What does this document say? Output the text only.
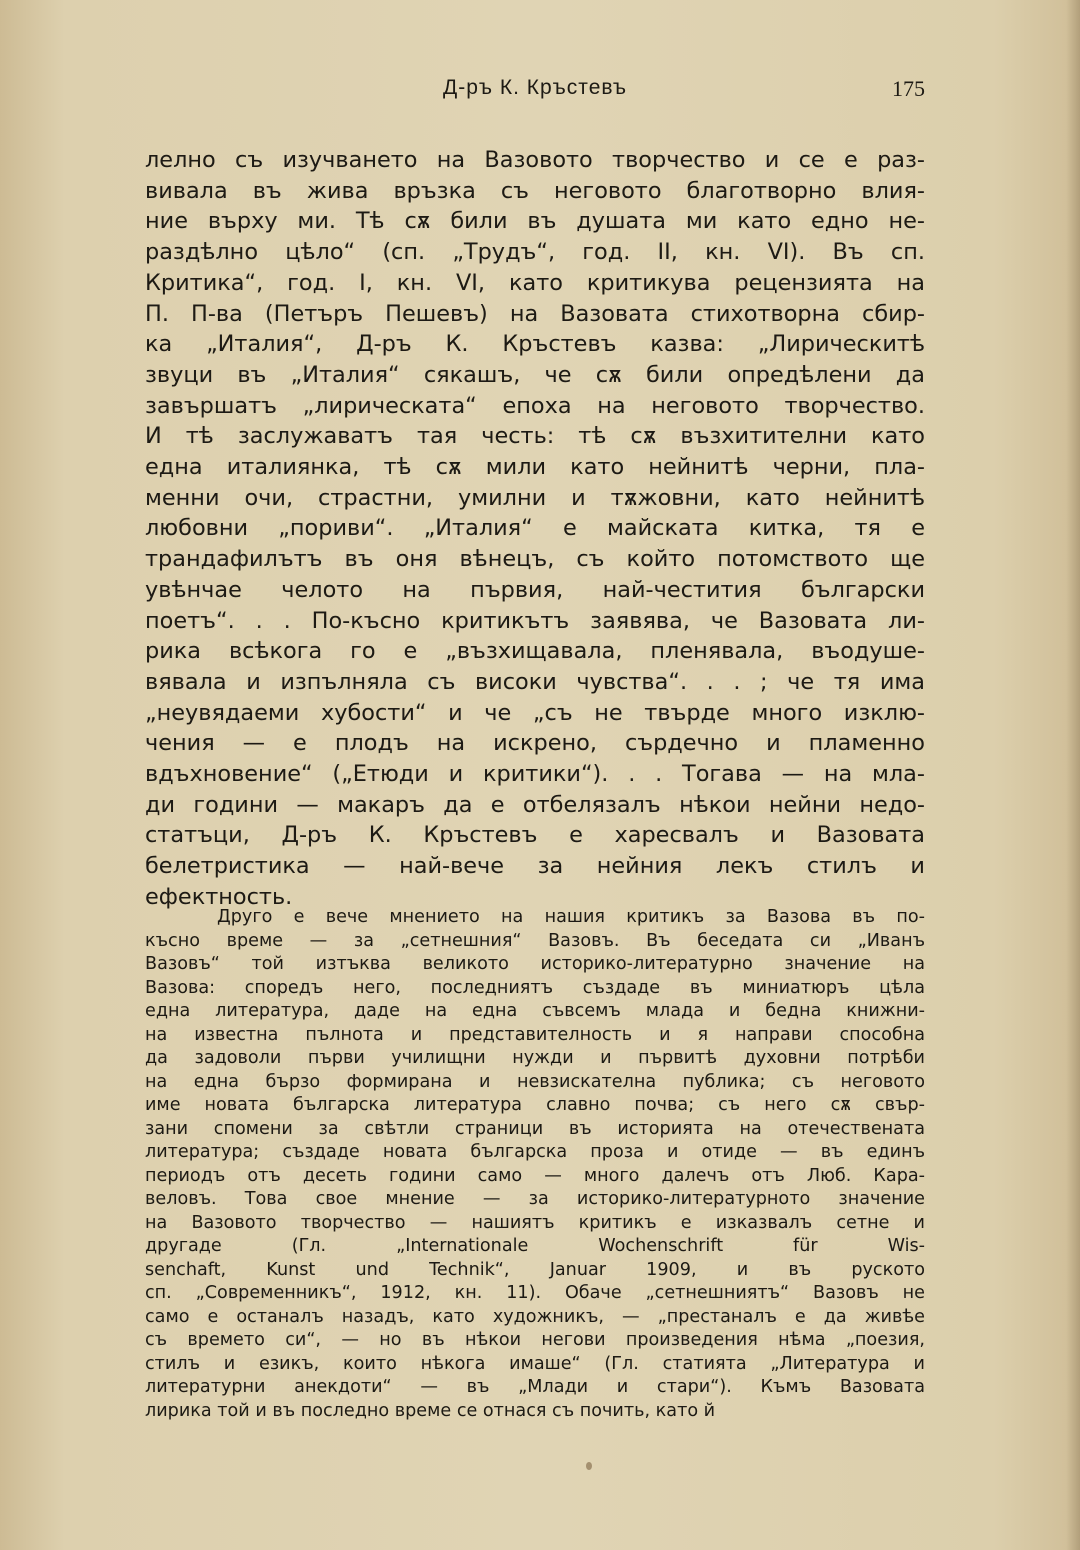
Д-ръ К. Кръстевъ	175
лелно съ изучването на Вазовото творчество и се е раз-
вивала въ жива връзка съ неговото благотворно влия-
ние върху ми. Тѣ сѫ били въ душата ми като едно не-
раздѣлно цѣло“ (сп. „Трудъ“, год. II, кн. VI). Въ сп.
Критика“, год. I, кн. VI, като критикува рецензията на
П. П-ва (Петъръ Пешевъ) на Вазовата стихотворна сбир-
ка „Италия“, Д-ръ К. Кръстевъ казва: „Лирическитѣ
звуци въ „Италия“ сякашъ, че сѫ били опредѣлени да
завършатъ „лирическата“ епоха на неговото творчество.
И тѣ заслужаватъ тая честь: тѣ сѫ възхитителни като
една италиянка, тѣ сѫ мили като нейнитѣ черни, пла-
менни очи, страстни, умилни и тѫжовни, като нейнитѣ
любовни „пориви“. „Италия“ е майската китка, тя е
трандафилътъ въ оня вѣнецъ, съ който потомството ще
увѣнчае челото на първия, най-честития български
поетъ“. . . По-късно критикътъ заявява, че Вазовата ли-
рика всѣкога го е „възхищавала, пленявала, въодуше-
вявала и изпълняла съ високи чувства“. . . ; че тя има
„неувядаеми хубости“ и че „съ не твърде много изклю-
чения — е плодъ на искрено, сърдечно и пламенно
вдъхновение“ („Етюди и критики“). . . Тогава — на мла-
ди години — макаръ да е отбелязалъ нѣкои нейни недо-
статъци, Д-ръ К. Кръстевъ е харесвалъ и Вазовата
белетристика — най-вече за нейния лекъ стилъ и
ефектность.
Друго е вече мнението на нашия критикъ за Вазова въ по-
късно време — за „сетнешния“ Вазовъ. Въ беседата си „Иванъ
Вазовъ“ той изтъква великото историко-литературно значение на
Вазова: споредъ него, последниятъ създаде въ миниатюръ цѣла
една литература, даде на една съвсемъ млада и бедна книжни-
на известна пълнота и представителность и я направи способна
да задоволи първи училищни нужди и първитѣ духовни потрѣби
на една бързо формирана и невзискателна публика; съ неговото
име новата българска литература славно почва; съ него сѫ свър-
зани спомени за свѣтли страници въ историята на отечествената
литература; създаде новата българска проза и отиде — въ единъ
периодъ отъ десеть години само — много далечъ отъ Люб. Кара-
веловъ. Това свое мнение — за историко-литературното значение
на Вазовото творчество — нашиятъ критикъ е изказвалъ сетне и
другаде (Гл. „Internationale Wochenschrift für Wis-
senchaft, Kunst und Technik“, Januar 1909, и въ руското
сп. „Современникъ“, 1912, кн. 11). Обаче „сетнешниятъ“ Вазовъ не
само е останалъ назадъ, като художникъ, — „престаналъ е да живѣе
съ времето си“, — но въ нѣкои негови произведения нѣма „поезия,
стилъ и езикъ, които нѣкога имаше“ (Гл. статията „Литература и
литературни анекдоти“ — въ „Млади и стари“). Къмъ Вазовата
лирика той и въ последно време се отнася съ почить, като й
